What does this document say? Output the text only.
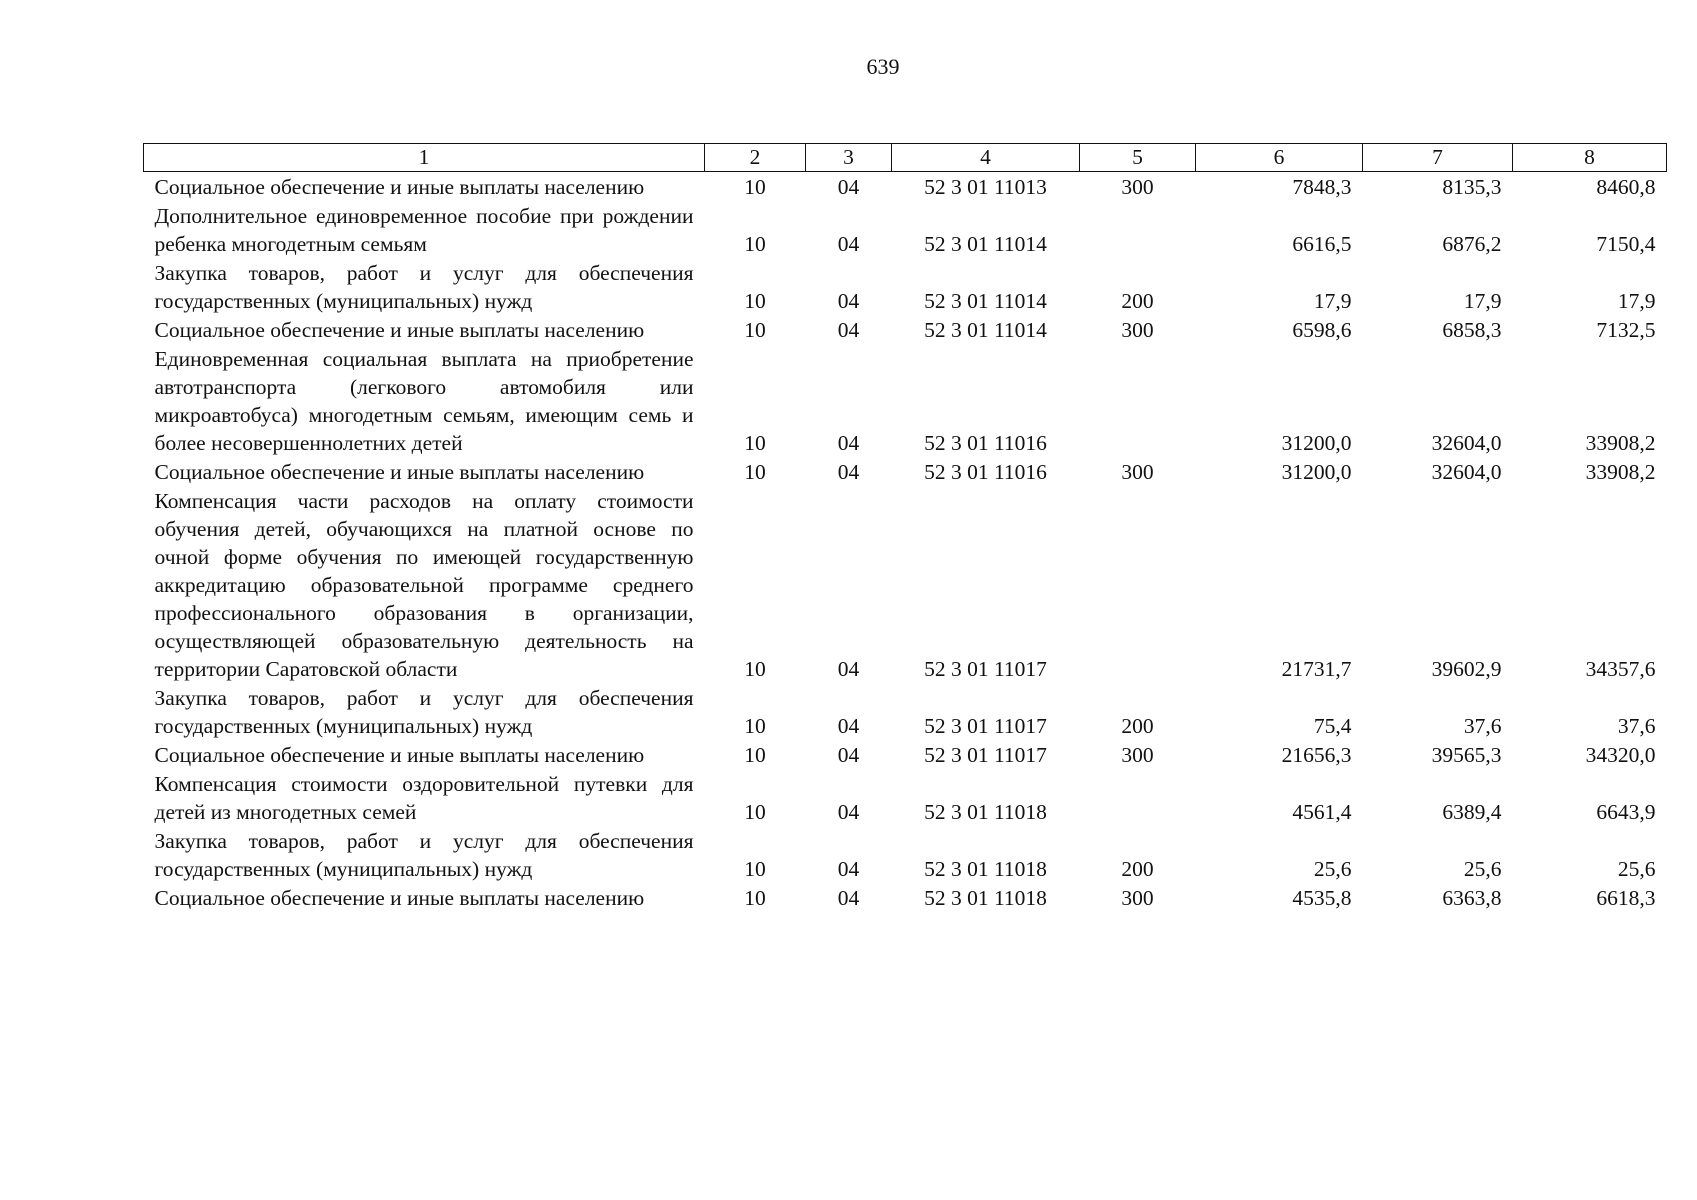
639
1	2	3	4	5	6	7	8
Социальное обеспечение и иные выплаты населению	10	04	52 3 01 11013	300	7848,3	8135,3	8460,8
Дополнительное единовременное пособие при рождении ребенка многодетным семьям	10	04	52 3 01 11014		6616,5	6876,2	7150,4
Закупка товаров, работ и услуг для обеспечения государственных (муниципальных) нужд	10	04	52 3 01 11014	200	17,9	17,9	17,9
Социальное обеспечение и иные выплаты населению	10	04	52 3 01 11014	300	6598,6	6858,3	7132,5
Единовременная социальная выплата на приобретение автотранспорта (легкового автомобиля или микроавтобуса) многодетным семьям, имеющим семь и более несовершеннолетних детей	10	04	52 3 01 11016		31200,0	32604,0	33908,2
Социальное обеспечение и иные выплаты населению	10	04	52 3 01 11016	300	31200,0	32604,0	33908,2
Компенсация части расходов на оплату стоимости обучения детей, обучающихся на платной основе по очной форме обучения по имеющей государственную аккредитацию образовательной программе среднего профессионального образования в организации, осуществляющей образовательную деятельность на территории Саратовской области	10	04	52 3 01 11017		21731,7	39602,9	34357,6
Закупка товаров, работ и услуг для обеспечения государственных (муниципальных) нужд	10	04	52 3 01 11017	200	75,4	37,6	37,6
Социальное обеспечение и иные выплаты населению	10	04	52 3 01 11017	300	21656,3	39565,3	34320,0
Компенсация стоимости оздоровительной путевки для детей из многодетных семей	10	04	52 3 01 11018		4561,4	6389,4	6643,9
Закупка товаров, работ и услуг для обеспечения государственных (муниципальных) нужд	10	04	52 3 01 11018	200	25,6	25,6	25,6
Социальное обеспечение и иные выплаты населению	10	04	52 3 01 11018	300	4535,8	6363,8	6618,3
